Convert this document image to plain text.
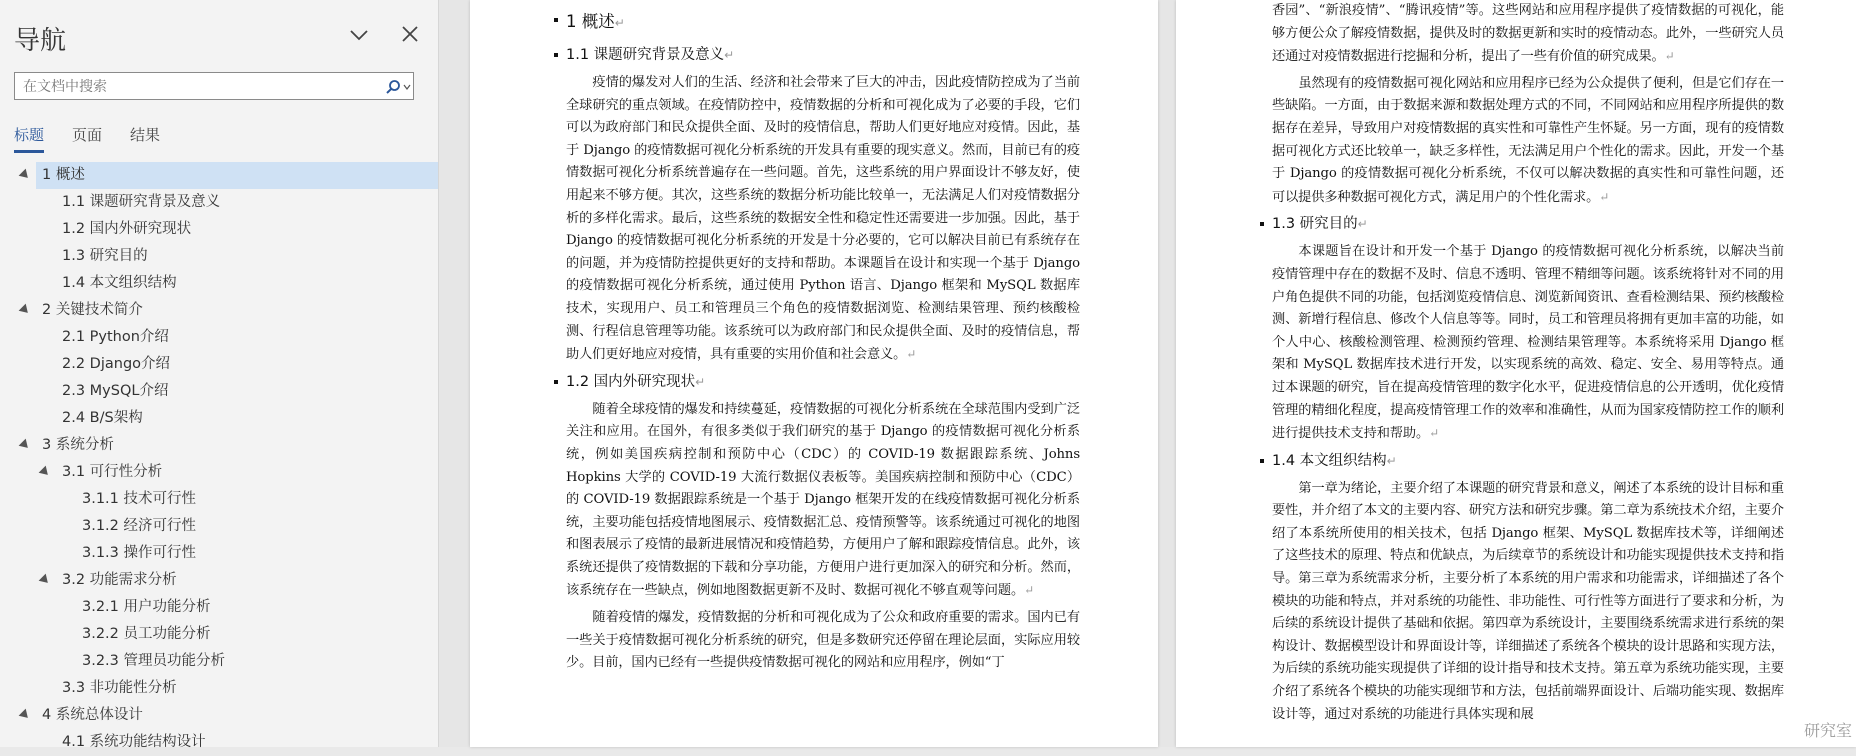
导航
在文档中搜索
标题 页面 结果
1 概述
1.1 课题研究背景及意义
1.2 国内外研究现状
1.3 研究目的
1.4 本文组织结构
2 关键技术简介
2.1 Python介绍
2.2 Django介绍
2.3 MySQL介绍
2.4 B/S架构
3 系统分析
3.1 可行性分析
3.1.1 技术可行性
3.1.2 经济可行性
3.1.3 操作可行性
3.2 功能需求分析
3.2.1 用户功能分析
3.2.2 员工功能分析
3.2.3 管理员功能分析
3.3 非功能性分析
4 系统总体设计
4.1 系统功能结构设计
1 概述↵
1.1 课题研究背景及意义↵

疫情的爆发对人们的生活、经济和社会带来了巨大的冲击，因此疫情防控成为了当前全球研究的重点领域。在疫情防控中，疫情数据的分析和可视化成为了必要的手段，它们可以为政府部门和民众提供全面、及时的疫情信息，帮助人们更好地应对疫情。因此，基于 Django 的疫情数据可视化分析系统的开发具有重要的现实意义。然而，目前已有的疫情数据可视化分析系统普遍存在一些问题。首先，这些系统的用户界面设计不够友好，使用起来不够方便。其次，这些系统的数据分析功能比较单一，无法满足人们对疫情数据分析的多样化需求。最后，这些系统的数据安全性和稳定性还需要进一步加强。因此，基于 Django 的疫情数据可视化分析系统的开发是十分必要的，它可以解决目前已有系统存在的问题，并为疫情防控提供更好的支持和帮助。本课题旨在设计和实现一个基于 Django 的疫情数据可视化分析系统，通过使用 Python 语言、Django 框架和 MySQL 数据库技术，实现用户、员工和管理员三个角色的疫情数据浏览、检测结果管理、预约核酸检测、行程信息管理等功能。该系统可以为政府部门和民众提供全面、及时的疫情信息，帮助人们更好地应对疫情，具有重要的实用价值和社会意义。↵

1.2 国内外研究现状↵

随着全球疫情的爆发和持续蔓延，疫情数据的可视化分析系统在全球范围内受到广泛关注和应用。在国外，有很多类似于我们研究的基于 Django 的疫情数据可视化分析系统，例如美国疾病控制和预防中心（CDC）的 COVID-19 数据跟踪系统、Johns Hopkins 大学的 COVID-19 大流行数据仪表板等。美国疾病控制和预防中心（CDC）的 COVID-19 数据跟踪系统是一个基于 Django 框架开发的在线疫情数据可视化分析系统，主要功能包括疫情地图展示、疫情数据汇总、疫情预警等。该系统通过可视化的地图和图表展示了疫情的最新进展情况和疫情趋势，方便用户了解和跟踪疫情信息。此外，该系统还提供了疫情数据的下载和分享功能，方便用户进行更加深入的研究和分析。然而，该系统存在一些缺点，例如地图数据更新不及时、数据可视化不够直观等问题。↵

随着疫情的爆发，疫情数据的分析和可视化成为了公众和政府重要的需求。国内已有一些关于疫情数据可视化分析系统的研究，但是多数研究还停留在理论层面，实际应用较少。目前，国内已经有一些提供疫情数据可视化的网站和应用程序，例如“丁

香园”、“新浪疫情”、“腾讯疫情”等。这些网站和应用程序提供了疫情数据的可视化，能够方便公众了解疫情数据，提供及时的数据更新和实时的疫情动态。此外，一些研究人员还通过对疫情数据进行挖掘和分析，提出了一些有价值的研究成果。↵

虽然现有的疫情数据可视化网站和应用程序已经为公众提供了便利，但是它们存在一些缺陷。一方面，由于数据来源和数据处理方式的不同，不同网站和应用程序所提供的数据存在差异，导致用户对疫情数据的真实性和可靠性产生怀疑。另一方面，现有的疫情数据可视化方式还比较单一，缺乏多样性，无法满足用户个性化的需求。因此，开发一个基于 Django 的疫情数据可视化分析系统，不仅可以解决数据的真实性和可靠性问题，还可以提供多种数据可视化方式，满足用户的个性化需求。↵

1.3 研究目的↵

本课题旨在设计和开发一个基于 Django 的疫情数据可视化分析系统，以解决当前疫情管理中存在的数据不及时、信息不透明、管理不精细等问题。该系统将针对不同的用户角色提供不同的功能，包括浏览疫情信息、浏览新闻资讯、查看检测结果、预约核酸检测、新增行程信息、修改个人信息等等。同时，员工和管理员将拥有更加丰富的功能，如个人中心、核酸检测管理、检测预约管理、检测结果管理等。本系统将采用 Django 框架和 MySQL 数据库技术进行开发，以实现系统的高效、稳定、安全、易用等特点。通过本课题的研究，旨在提高疫情管理的数字化水平，促进疫情信息的公开透明，优化疫情管理的精细化程度，提高疫情管理工作的效率和准确性，从而为国家疫情防控工作的顺利进行提供技术支持和帮助。↵

1.4 本文组织结构↵

第一章为绪论，主要介绍了本课题的研究背景和意义，阐述了本系统的设计目标和重要性，并介绍了本文的主要内容、研究方法和研究步骤。第二章为系统技术介绍，主要介绍了本系统所使用的相关技术，包括 Django 框架、MySQL 数据库技术等，详细阐述了这些技术的原理、特点和优缺点，为后续章节的系统设计和功能实现提供技术支持和指导。第三章为系统需求分析，主要分析了本系统的用户需求和功能需求，详细描述了各个模块的功能和特点，并对系统的功能性、非功能性、可行性等方面进行了要求和分析，为后续的系统设计提供了基础和依据。第四章为系统设计，主要围绕系统需求进行系统的架构设计、数据模型设计和界面设计等，详细描述了系统各个模块的设计思路和实现方法，为后续的系统功能实现提供了详细的设计指导和技术支持。第五章为系统功能实现，主要介绍了系统各个模块的功能实现细节和方法，包括前端界面设计、后端功能实现、数据库设计等，通过对系统的功能进行具体实现和展

研究室
